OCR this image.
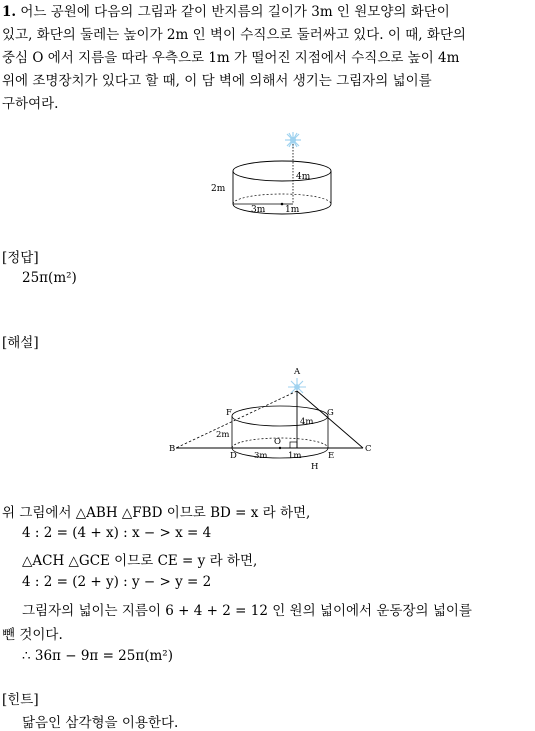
1. 어느 공원에 다음의 그림과 같이 반지름의 길이가 3m 인 원모양의 화단이
있고, 화단의 둘레는 높이가 2m 인 벽이 수직으로 둘러싸고 있다. 이 때, 화단의
중심 O 에서 지름을 따라 우측으로 1m 가 떨어진 지점에서 수직으로 높이 4m
위에 조명장치가 있다고 할 때, 이 담 벽에 의해서 생기는 그림자의 넓이를
구하여라.
2m
4m
3m 1m
[정답]
25π(m²)
[해설]
A
B	C
D	E
F	G
H
O
2m
4m
3m 1m
위 그림에서 △ABH △FBD 이므로 BD = x 라 하면,
4 : 2 = (4 + x) : x − > x = 4
△ACH △GCE 이므로 CE = y 라 하면,
4 : 2 = (2 + y) : y − > y = 2
그림자의 넓이는 지름이 6 + 4 + 2 = 12 인 원의 넓이에서 운동장의 넓이를
뺀 것이다.
∴ 36π − 9π = 25π(m²)
[힌트]
닮음인 삼각형을 이용한다.
